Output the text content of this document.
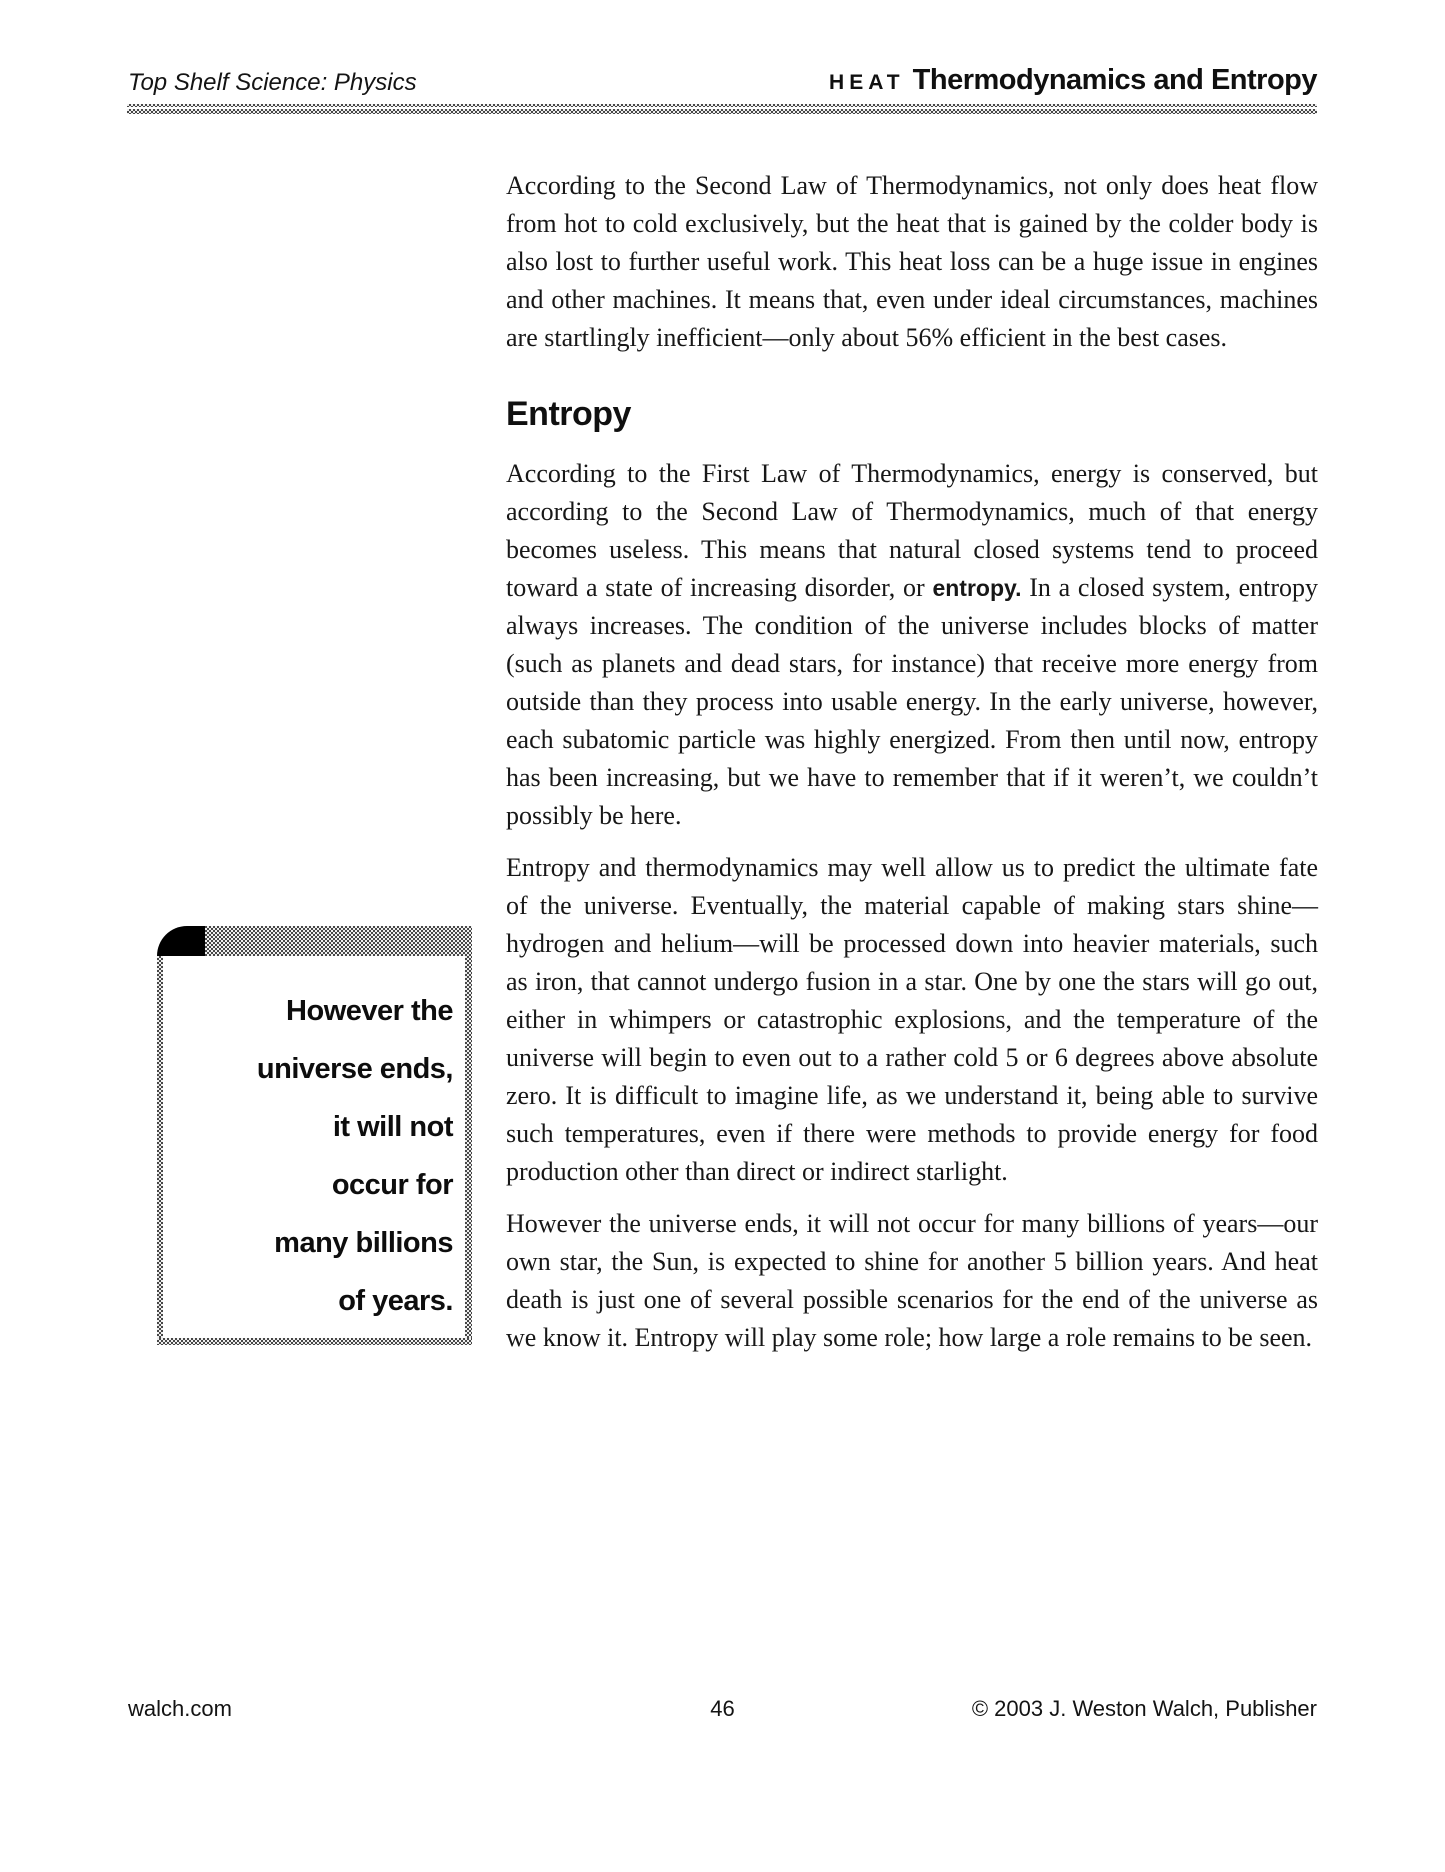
Top Shelf Science: Physics	HEAT Thermodynamics and Entropy

According to the Second Law of Thermodynamics, not only does heat flow from hot to cold exclusively, but the heat that is gained by the colder body is also lost to further useful work. This heat loss can be a huge issue in engines and other machines. It means that, even under ideal circumstances, machines are startlingly inefficient—only about 56% efficient in the best cases.

Entropy

According to the First Law of Thermodynamics, energy is conserved, but according to the Second Law of Thermodynamics, much of that energy becomes useless. This means that natural closed systems tend to proceed toward a state of increasing disorder, or entropy. In a closed system, entropy always increases. The condition of the universe includes blocks of matter (such as planets and dead stars, for instance) that receive more energy from outside than they process into usable energy. In the early universe, however, each subatomic particle was highly energized. From then until now, entropy has been increasing, but we have to remember that if it weren’t, we couldn’t possibly be here.

Entropy and thermodynamics may well allow us to predict the ultimate fate of the universe. Eventually, the material capable of making stars shine—hydrogen and helium—will be processed down into heavier materials, such as iron, that cannot undergo fusion in a star. One by one the stars will go out, either in whimpers or catastrophic explosions, and the temperature of the universe will begin to even out to a rather cold 5 or 6 degrees above absolute zero. It is difficult to imagine life, as we understand it, being able to survive such temperatures, even if there were methods to provide energy for food production other than direct or indirect starlight.

However the universe ends, it will not occur for many billions of years—our own star, the Sun, is expected to shine for another 5 billion years. And heat death is just one of several possible scenarios for the end of the universe as we know it. Entropy will play some role; how large a role remains to be seen.

However the
universe ends,
it will not
occur for
many billions
of years.
walch.com	46	© 2003 J. Weston Walch, Publisher
